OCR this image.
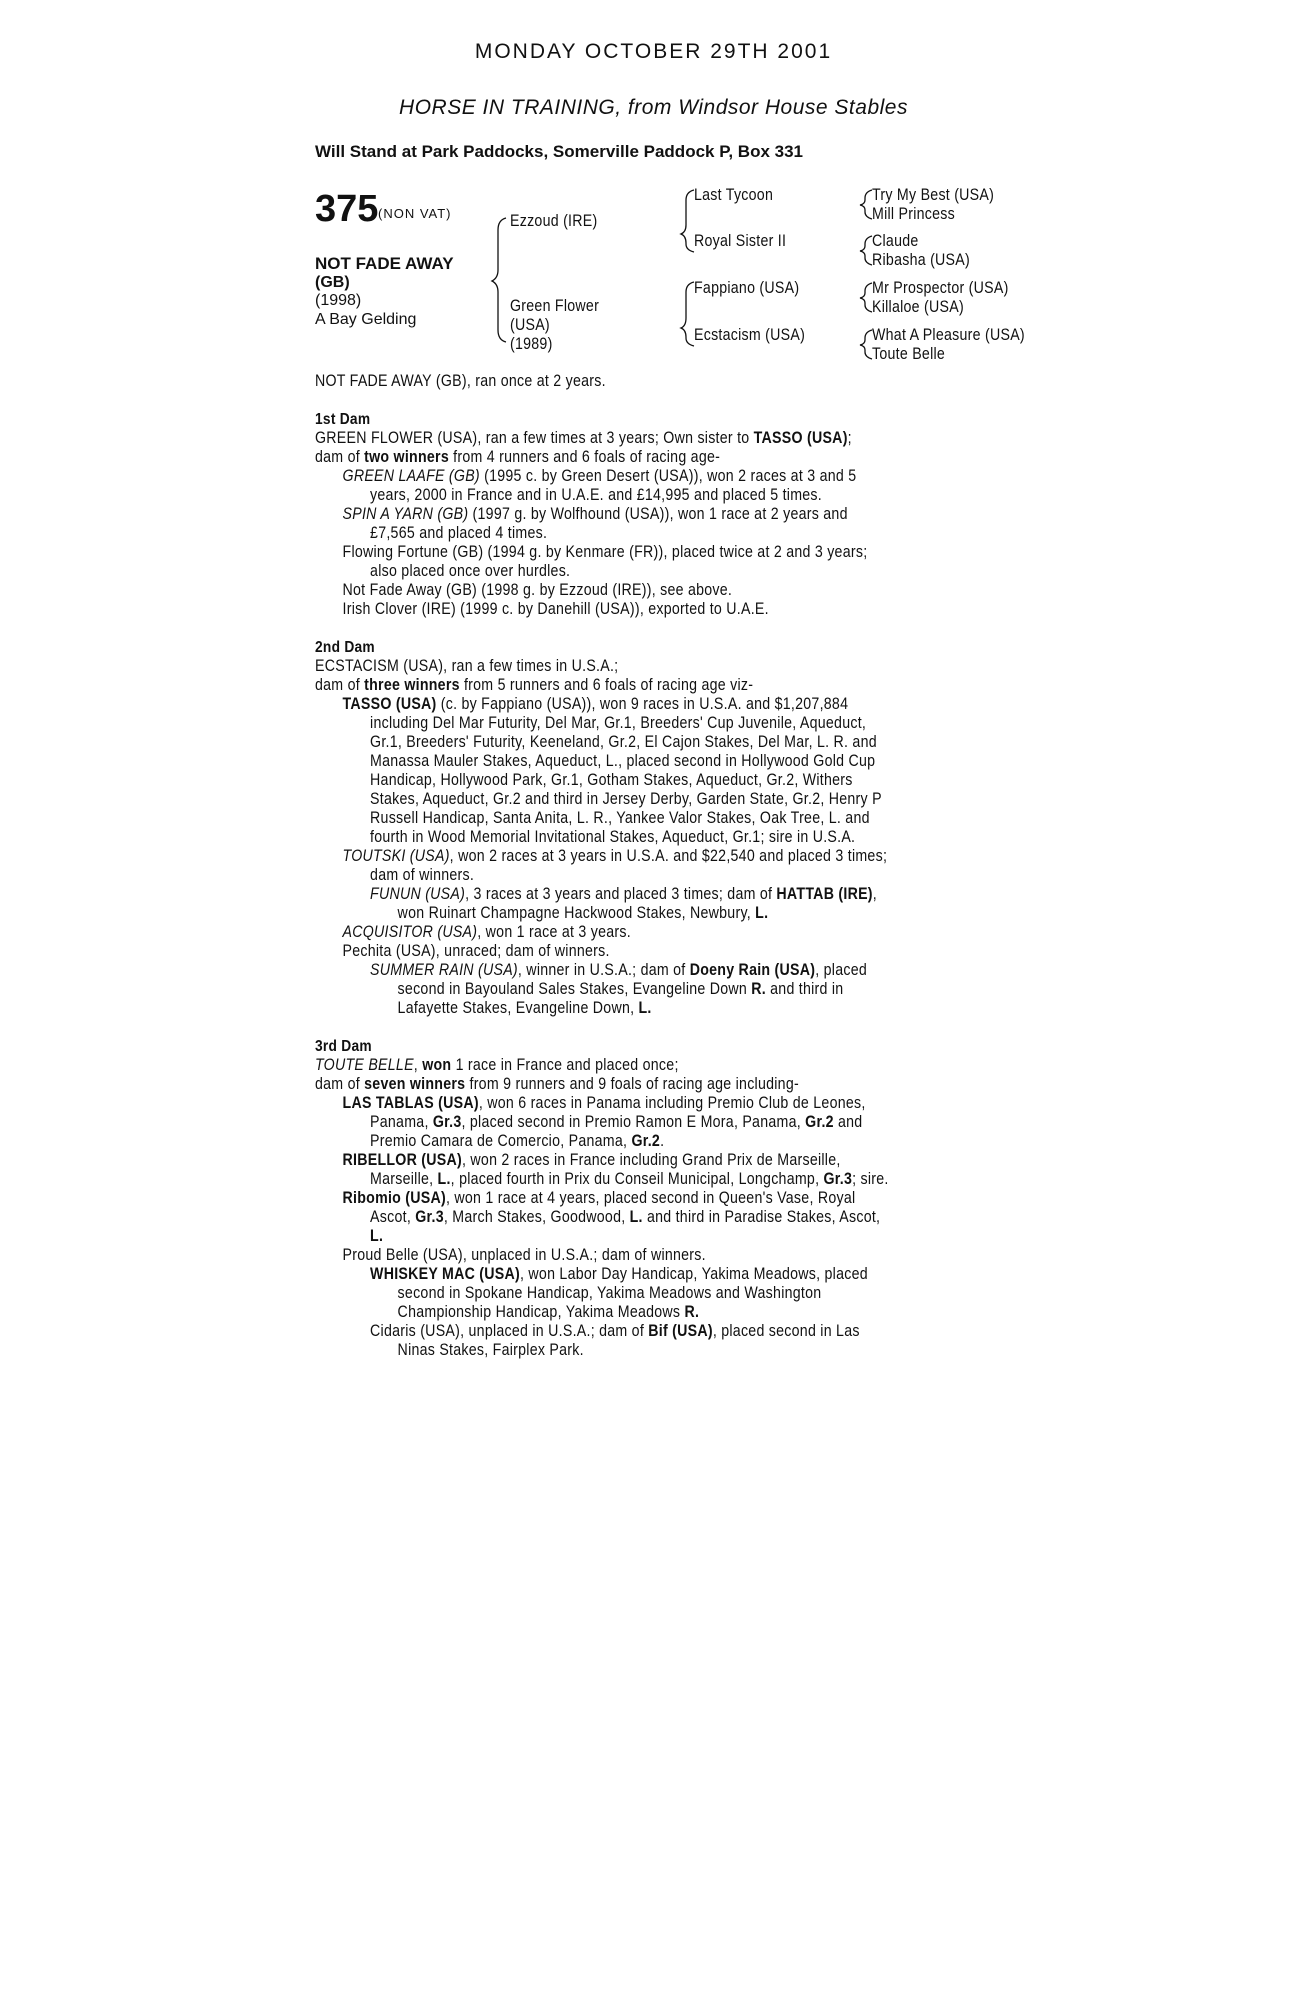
MONDAY OCTOBER 29TH 2001
HORSE IN TRAINING, from Windsor House Stables
Will Stand at Park Paddocks, Somerville Paddock P, Box 331
375 (NON VAT)
NOT FADE AWAY
(GB)
(1998)
A Bay Gelding
Ezzoud (IRE)
Green Flower
(USA)
(1989)
Last Tycoon
Royal Sister II
Fappiano (USA)
Ecstacism (USA)
Try My Best (USA)
Mill Princess
Claude
Ribasha (USA)
Mr Prospector (USA)
Killaloe (USA)
What A Pleasure (USA)
Toute Belle
NOT FADE AWAY (GB), ran once at 2 years.
1st Dam
GREEN FLOWER (USA), ran a few times at 3 years; Own sister to TASSO (USA);
dam of two winners from 4 runners and 6 foals of racing age-
GREEN LAAFE (GB) (1995 c. by Green Desert (USA)), won 2 races at 3 and 5
years, 2000 in France and in U.A.E. and £14,995 and placed 5 times.
SPIN A YARN (GB) (1997 g. by Wolfhound (USA)), won 1 race at 2 years and
£7,565 and placed 4 times.
Flowing Fortune (GB) (1994 g. by Kenmare (FR)), placed twice at 2 and 3 years;
also placed once over hurdles.
Not Fade Away (GB) (1998 g. by Ezzoud (IRE)), see above.
Irish Clover (IRE) (1999 c. by Danehill (USA)), exported to U.A.E.
2nd Dam
ECSTACISM (USA), ran a few times in U.S.A.;
dam of three winners from 5 runners and 6 foals of racing age viz-
TASSO (USA) (c. by Fappiano (USA)), won 9 races in U.S.A. and $1,207,884
including Del Mar Futurity, Del Mar, Gr.1, Breeders' Cup Juvenile, Aqueduct,
Gr.1, Breeders' Futurity, Keeneland, Gr.2, El Cajon Stakes, Del Mar, L. R. and
Manassa Mauler Stakes, Aqueduct, L., placed second in Hollywood Gold Cup
Handicap, Hollywood Park, Gr.1, Gotham Stakes, Aqueduct, Gr.2, Withers
Stakes, Aqueduct, Gr.2 and third in Jersey Derby, Garden State, Gr.2, Henry P
Russell Handicap, Santa Anita, L. R., Yankee Valor Stakes, Oak Tree, L. and
fourth in Wood Memorial Invitational Stakes, Aqueduct, Gr.1; sire in U.S.A.
TOUTSKI (USA), won 2 races at 3 years in U.S.A. and $22,540 and placed 3 times;
dam of winners.
FUNUN (USA), 3 races at 3 years and placed 3 times; dam of HATTAB (IRE),
won Ruinart Champagne Hackwood Stakes, Newbury, L.
ACQUISITOR (USA), won 1 race at 3 years.
Pechita (USA), unraced; dam of winners.
SUMMER RAIN (USA), winner in U.S.A.; dam of Doeny Rain (USA), placed
second in Bayouland Sales Stakes, Evangeline Down R. and third in
Lafayette Stakes, Evangeline Down, L.
3rd Dam
TOUTE BELLE, won 1 race in France and placed once;
dam of seven winners from 9 runners and 9 foals of racing age including-
LAS TABLAS (USA), won 6 races in Panama including Premio Club de Leones,
Panama, Gr.3, placed second in Premio Ramon E Mora, Panama, Gr.2 and
Premio Camara de Comercio, Panama, Gr.2.
RIBELLOR (USA), won 2 races in France including Grand Prix de Marseille,
Marseille, L., placed fourth in Prix du Conseil Municipal, Longchamp, Gr.3; sire.
Ribomio (USA), won 1 race at 4 years, placed second in Queen's Vase, Royal
Ascot, Gr.3, March Stakes, Goodwood, L. and third in Paradise Stakes, Ascot,
L.
Proud Belle (USA), unplaced in U.S.A.; dam of winners.
WHISKEY MAC (USA), won Labor Day Handicap, Yakima Meadows, placed
second in Spokane Handicap, Yakima Meadows and Washington
Championship Handicap, Yakima Meadows R.
Cidaris (USA), unplaced in U.S.A.; dam of Bif (USA), placed second in Las
Ninas Stakes, Fairplex Park.
